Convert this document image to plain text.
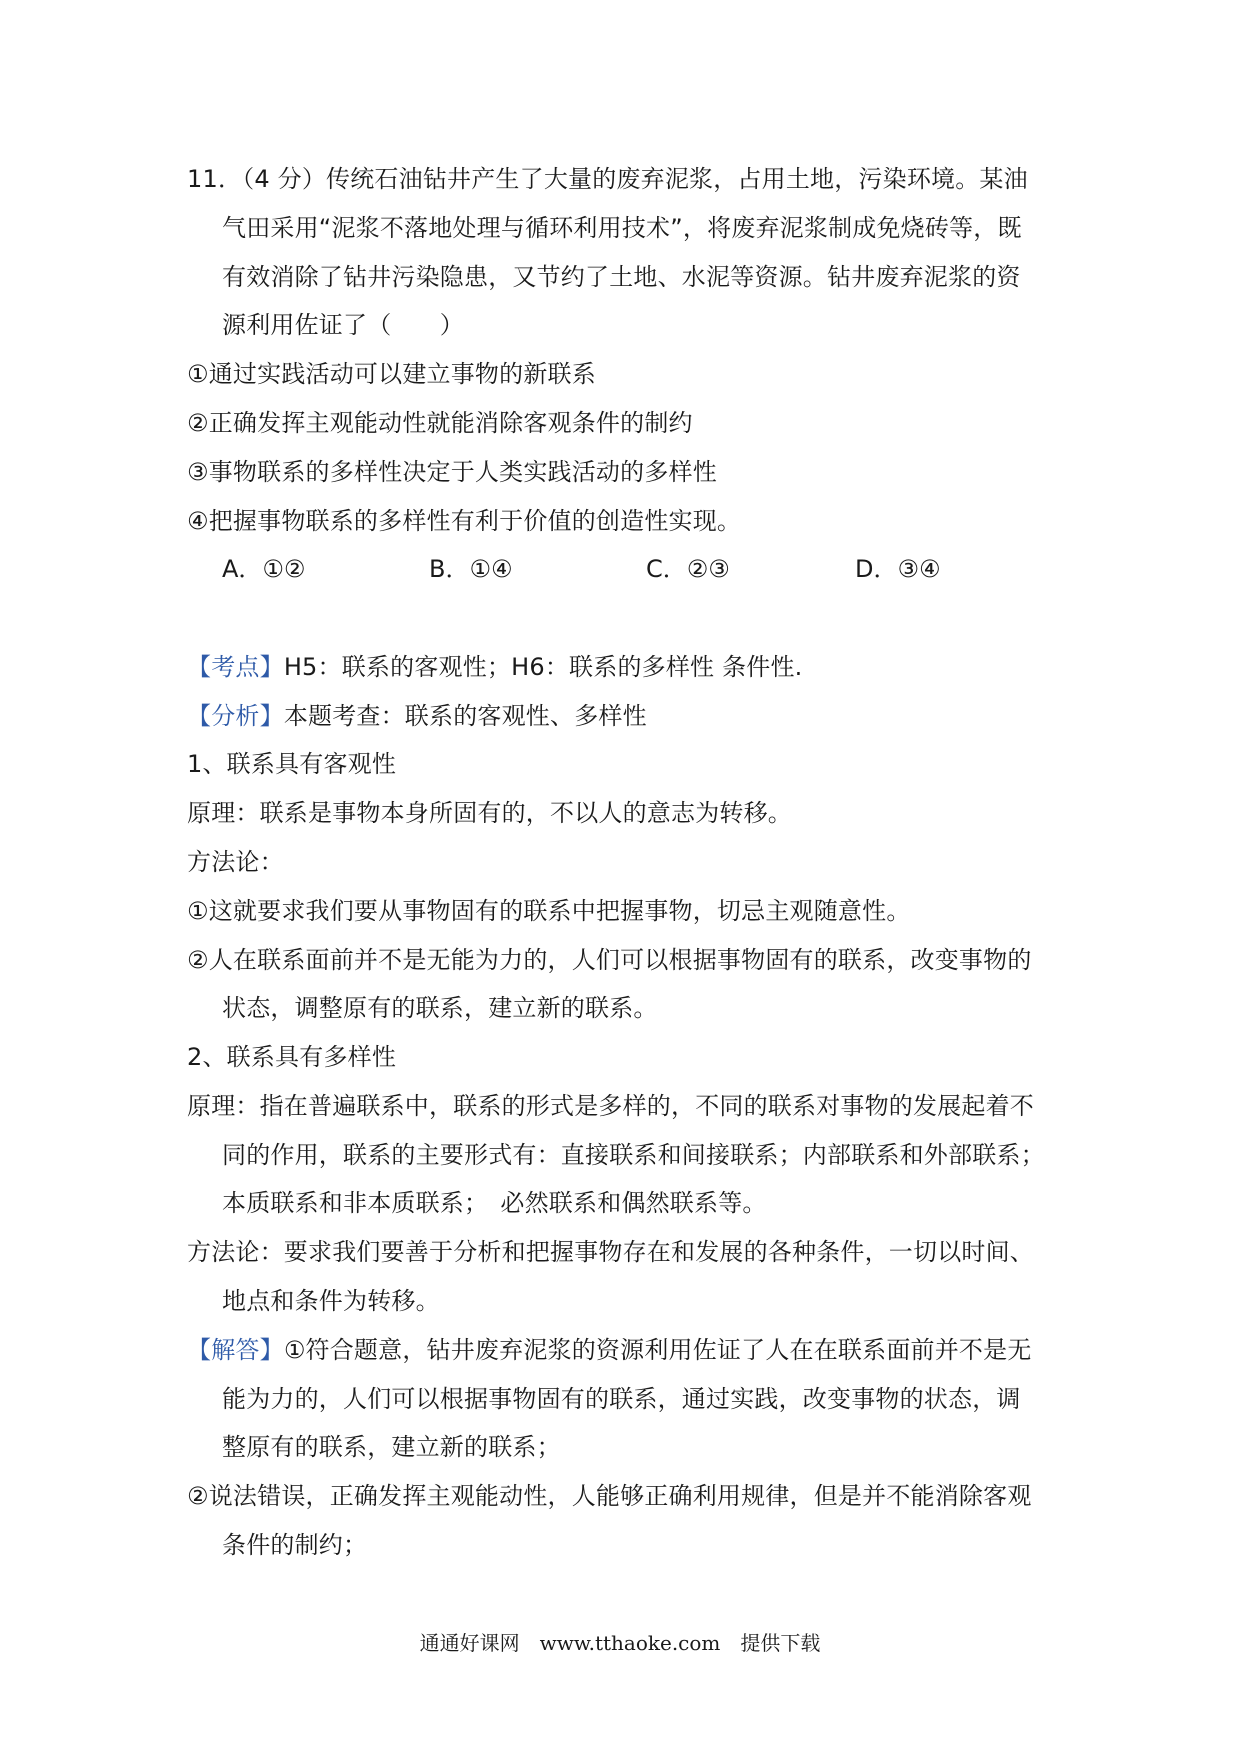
11．（4 分）传统石油钻井产生了大量的废弃泥浆，占用土地，污染环境。某油
气田采用“泥浆不落地处理与循环利用技术”，将废弃泥浆制成免烧砖等，既
有效消除了钻井污染隐患，又节约了土地、水泥等资源。钻井废弃泥浆的资
源利用佐证了（　　）
①通过实践活动可以建立事物的新联系
②正确发挥主观能动性就能消除客观条件的制约
③事物联系的多样性决定于人类实践活动的多样性
④把握事物联系的多样性有利于价值的创造性实现。
A．①②	B．①④	C．②③	D．③④
【考点】H5：联系的客观性；H6：联系的多样性 条件性.
【分析】本题考查：联系的客观性、多样性
1、联系具有客观性
原理：联系是事物本身所固有的，不以人的意志为转移。
方法论：
①这就要求我们要从事物固有的联系中把握事物，切忌主观随意性。
②人在联系面前并不是无能为力的，人们可以根据事物固有的联系，改变事物的
状态，调整原有的联系，建立新的联系。
2、联系具有多样性
原理：指在普遍联系中，联系的形式是多样的，不同的联系对事物的发展起着不
同的作用，联系的主要形式有：直接联系和间接联系；内部联系和外部联系；
本质联系和非本质联系；　必然联系和偶然联系等。
方法论：要求我们要善于分析和把握事物存在和发展的各种条件，一切以时间、
地点和条件为转移。
【解答】①符合题意，钻井废弃泥浆的资源利用佐证了人在在联系面前并不是无
能为力的，人们可以根据事物固有的联系，通过实践，改变事物的状态，调
整原有的联系，建立新的联系；
②说法错误，正确发挥主观能动性，人能够正确利用规律，但是并不能消除客观
条件的制约；
通通好课网　www.tthaoke.com　提供下载
